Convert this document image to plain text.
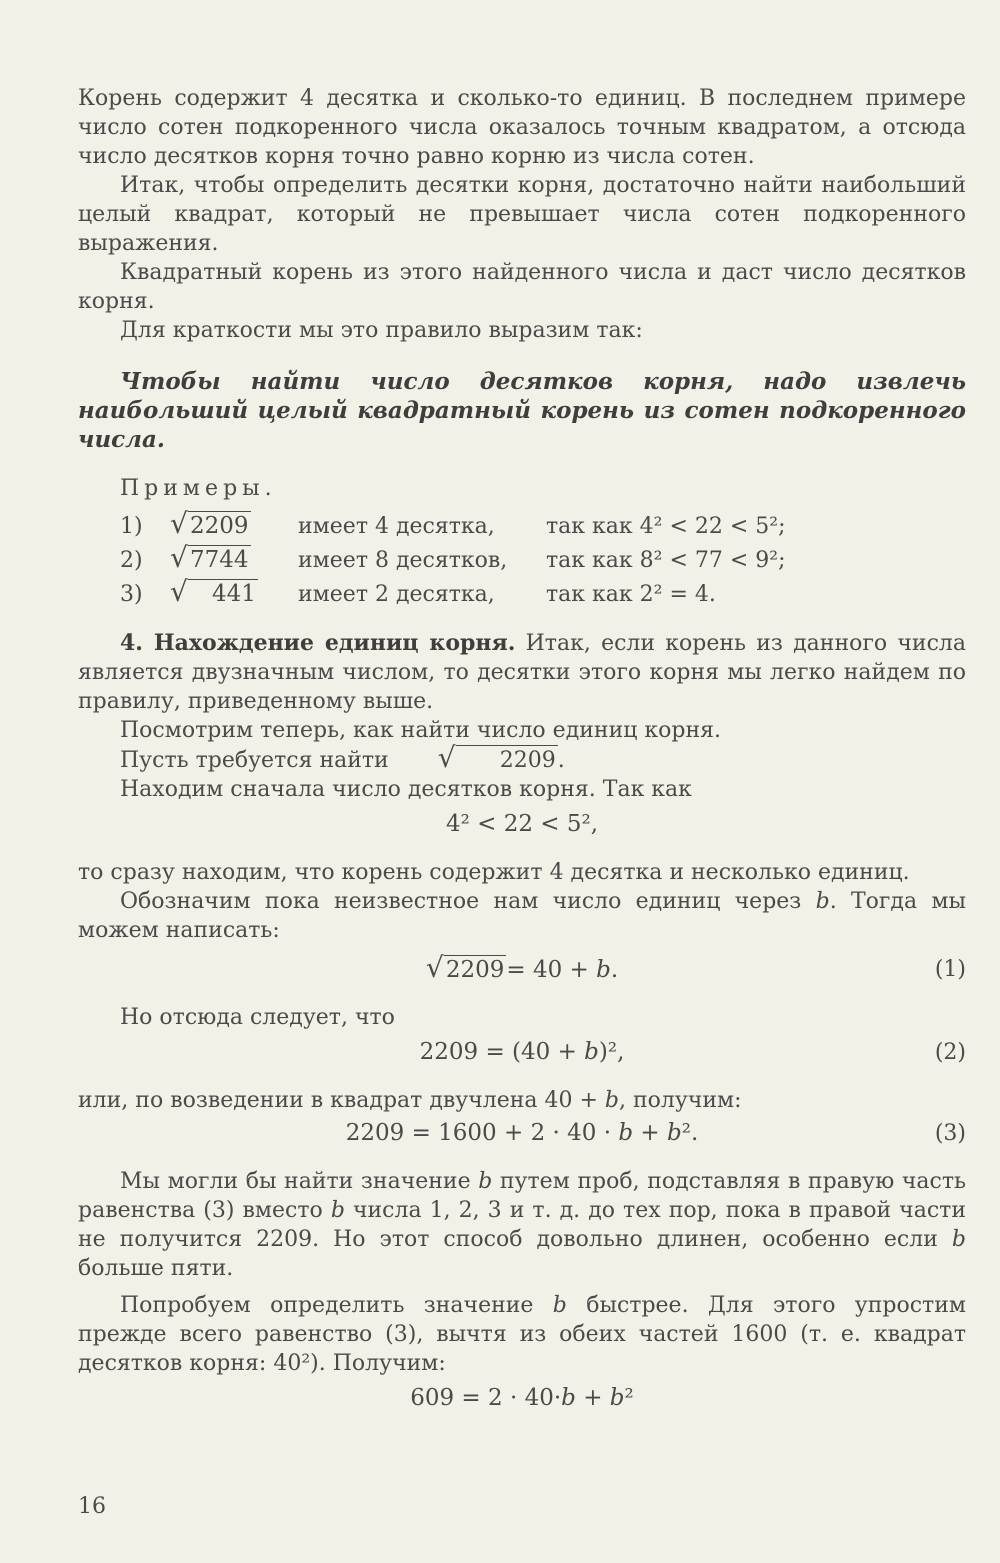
Корень содержит 4 десятка и сколько-то единиц. В последнем примере число сотен подкоренного числа оказалось точным квадратом, а отсюда число десятков корня точно равно корню из числа сотен.

Итак, чтобы определить десятки корня, достаточно найти наибольший целый квадрат, который не превышает числа сотен подкоренного выражения.

Квадратный корень из этого найденного числа и даст число десятков корня.

Для краткости мы это правило выразим так:

Чтобы найти число десятков корня, надо извлечь наибольший целый квадратный корень из сотен подкоренного числа.

Примеры.

1) √ 2209	имеет 4 десятка, так как 4² < 22 < 5²;
2) √ 7744	имеет 8 десятков, так как 8² < 77 < 9²;
3) √ 441	имеет 2 десятка, так как 2² = 4.

4. Нахождение единиц корня. Итак, если корень из данного числа является двузначным числом, то десятки этого корня мы легко найдем по правилу, приведенному выше.

Посмотрим теперь, как найти число единиц корня.

Пусть требуется найти	√ 2209.

Находим сначала число десятков корня. Так как

4² < 22 < 5²,

то сразу находим, что корень содержит 4 десятка и несколько единиц.

Обозначим пока неизвестное нам число единиц через b. Тогда мы можем написать:

√ 2209= 40 + b.	(1)

Но отсюда следует, что

2209 = (40 + b)²,	(2)

или, по возведении в квадрат двучлена 40 + b, получим:

2209 = 1600 + 2 · 40 · b + b².	(3)

Мы могли бы найти значение b путем проб, подставляя в правую часть равенства (3) вместо b числа 1, 2, 3 и т. д. до тех пор, пока в правой части не получится 2209. Но этот способ довольно длинен, особенно если b больше пяти.

Попробуем определить значение b быстрее. Для этого упростим прежде всего равенство (3), вычтя из обеих частей 1600 (т. е. квадрат десятков корня: 40²). Получим:

609 = 2 · 40·b + b²
16
